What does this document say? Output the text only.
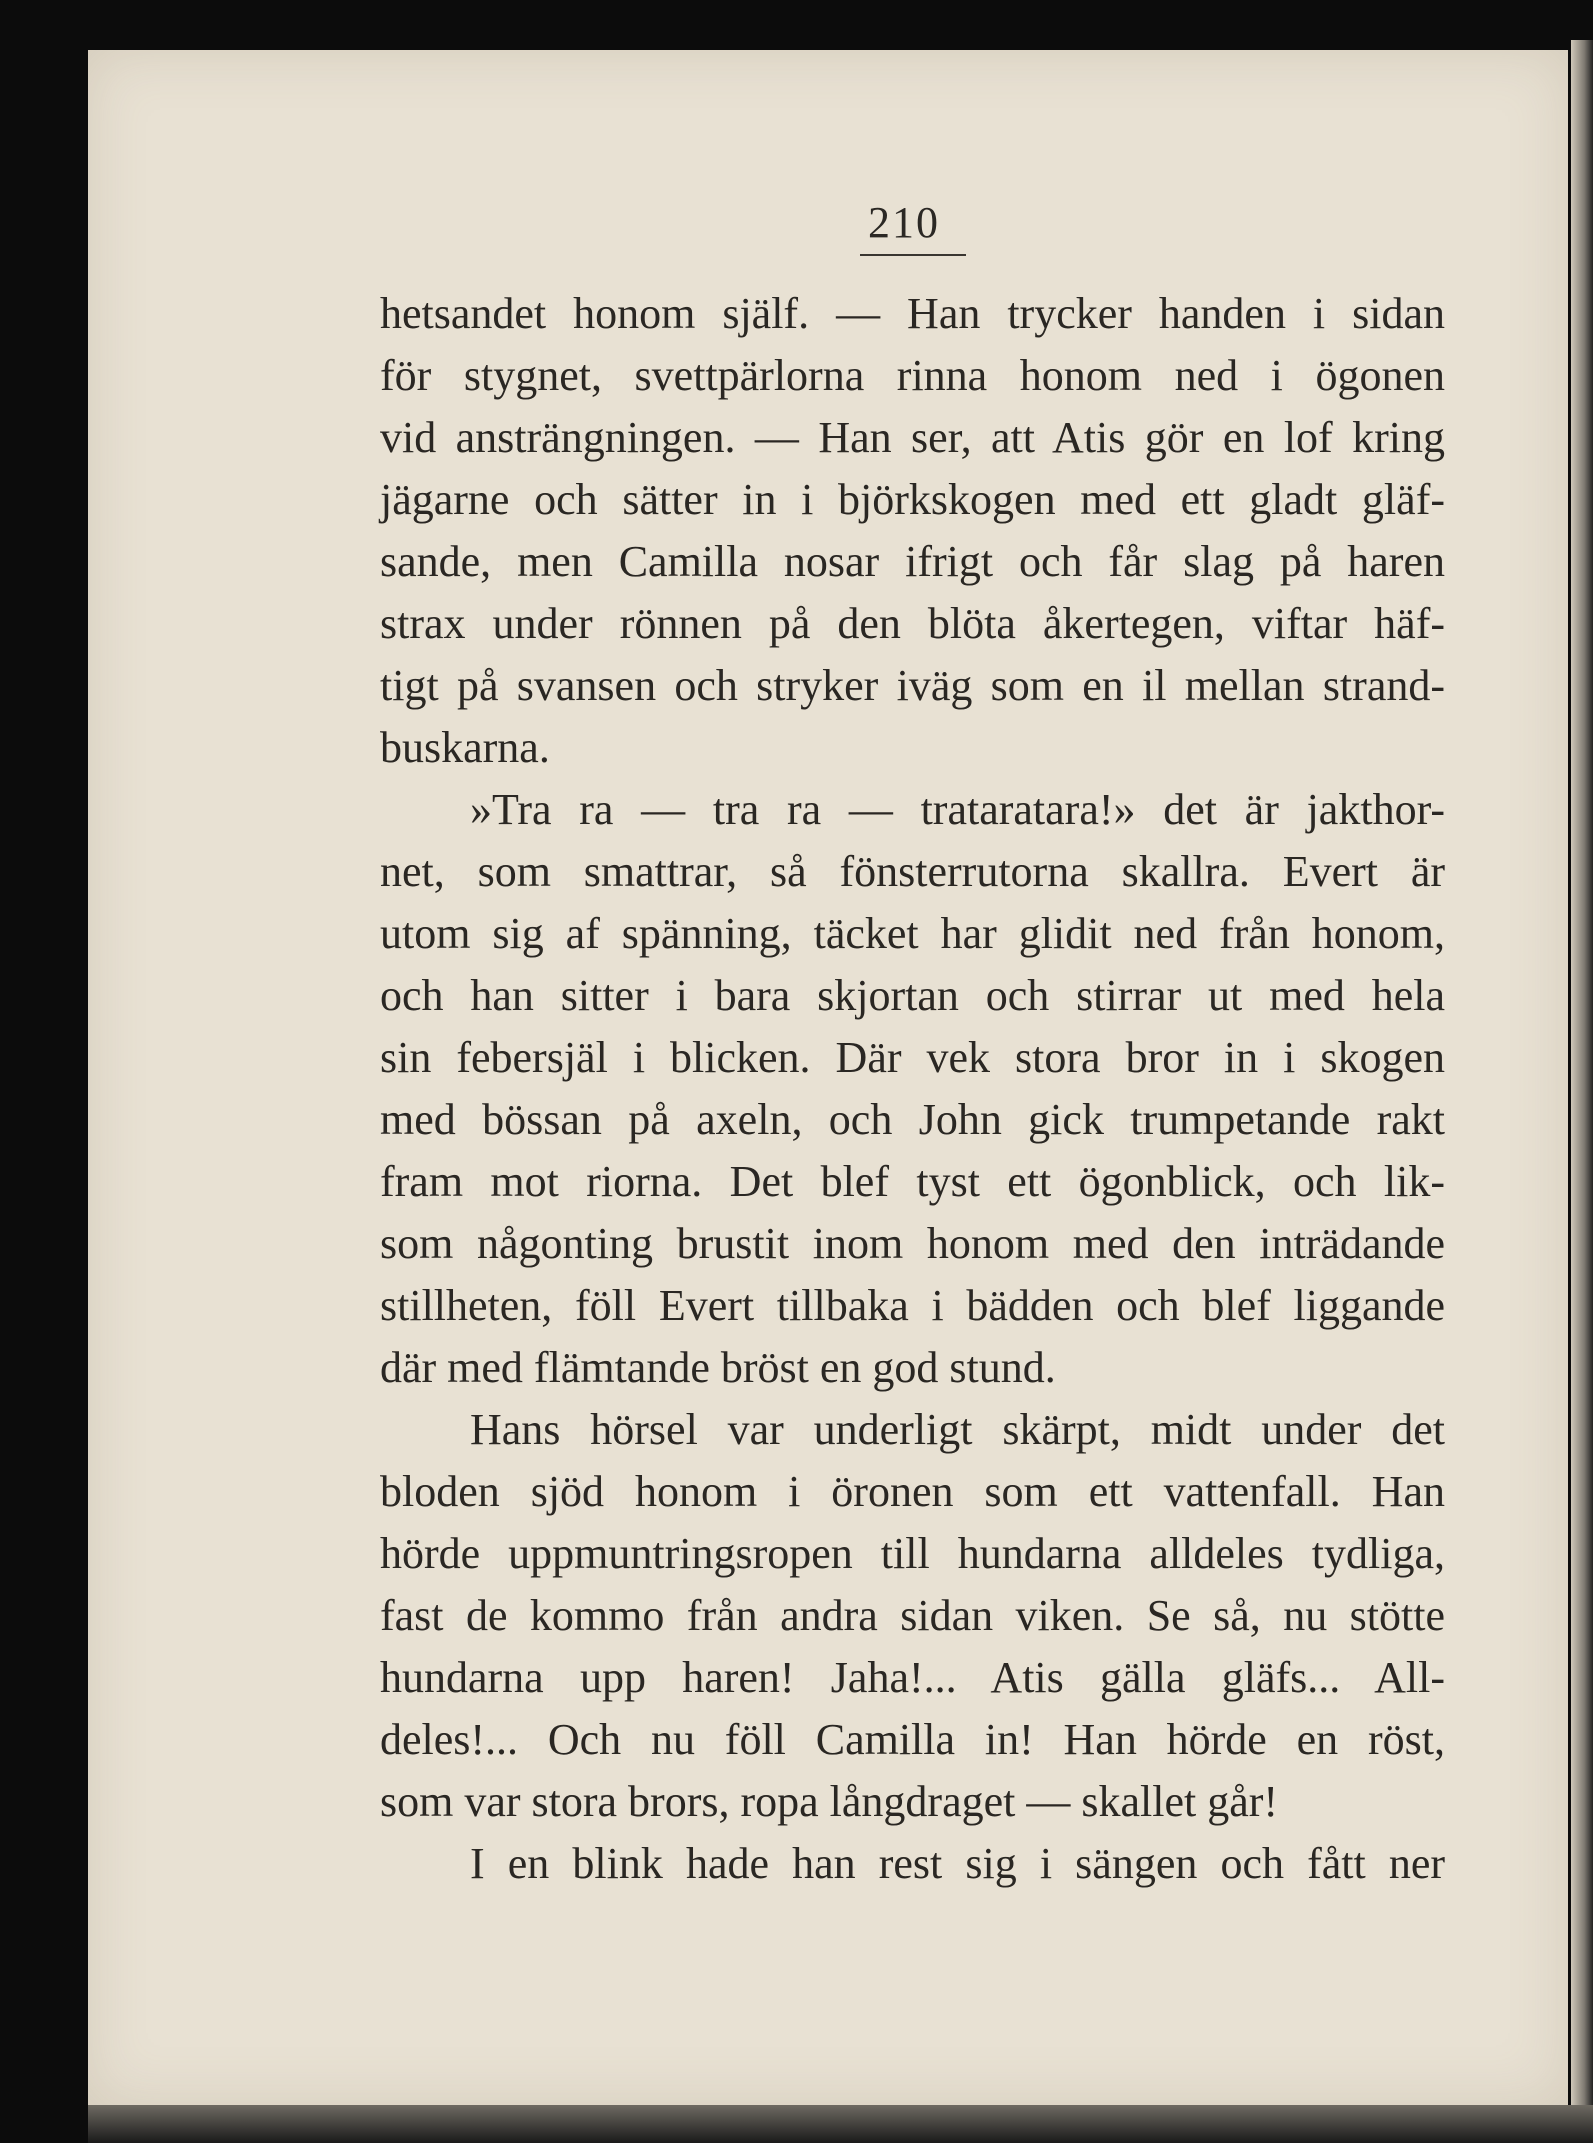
210
hetsandet honom själf. — Han trycker handen i sidan
för stygnet, svettpärlorna rinna honom ned i ögonen
vid ansträngningen. — Han ser, att Atis gör en lof kring
jägarne och sätter in i björkskogen med ett gladt gläf-
sande, men Camilla nosar ifrigt och får slag på haren
strax under rönnen på den blöta åkertegen, viftar häf-
tigt på svansen och stryker iväg som en il mellan strand-
buskarna.
»Tra ra — tra ra — trataratara!» det är jakthor-
net, som smattrar, så fönsterrutorna skallra. Evert är
utom sig af spänning, täcket har glidit ned från honom,
och han sitter i bara skjortan och stirrar ut med hela
sin febersjäl i blicken. Där vek stora bror in i skogen
med bössan på axeln, och John gick trumpetande rakt
fram mot riorna. Det blef tyst ett ögonblick, och lik-
som någonting brustit inom honom med den inträdande
stillheten, föll Evert tillbaka i bädden och blef liggande
där med flämtande bröst en god stund.
Hans hörsel var underligt skärpt, midt under det
bloden sjöd honom i öronen som ett vattenfall. Han
hörde uppmuntringsropen till hundarna alldeles tydliga,
fast de kommo från andra sidan viken. Se så, nu stötte
hundarna upp haren! Jaha!... Atis gälla gläfs... All-
deles!... Och nu föll Camilla in! Han hörde en röst,
som var stora brors, ropa långdraget — skallet går!
I en blink hade han rest sig i sängen och fått ner
